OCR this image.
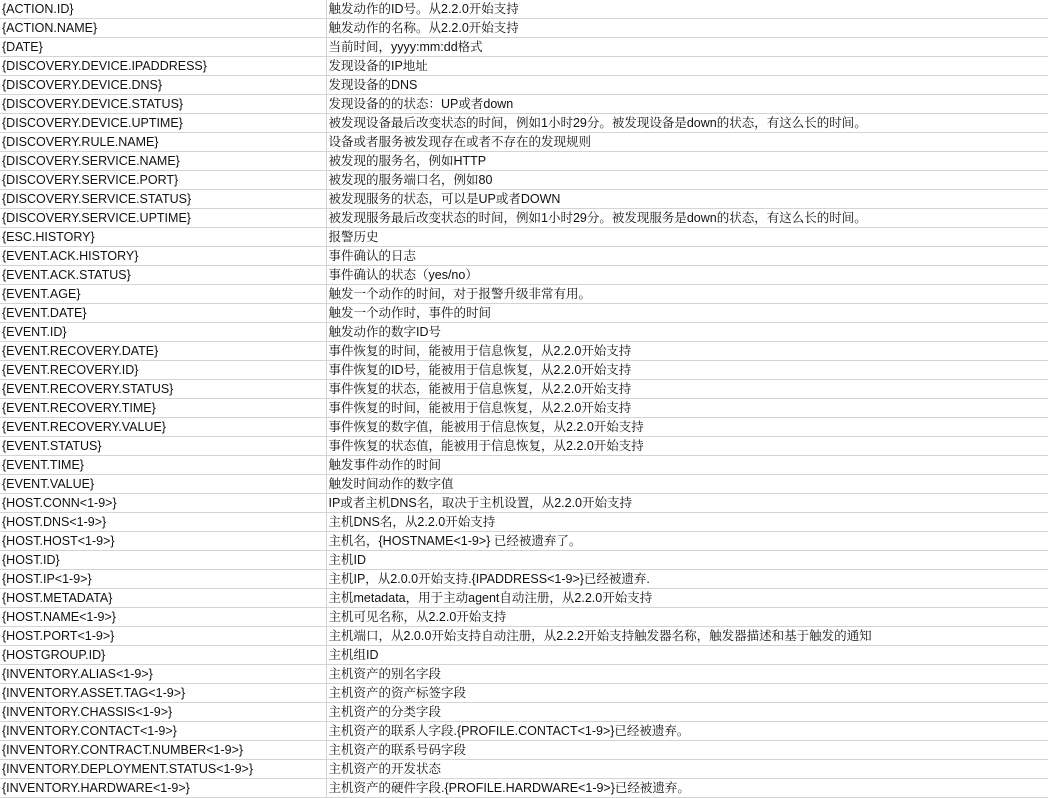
{ACTION.ID}	触发动作的ID号。从2.2.0开始支持
{ACTION.NAME}	触发动作的名称。从2.2.0开始支持
{DATE}	当前时间，yyyy:mm:dd格式
{DISCOVERY.DEVICE.IPADDRESS}	发现设备的IP地址
{DISCOVERY.DEVICE.DNS}	发现设备的DNS
{DISCOVERY.DEVICE.STATUS}	发现设备的的状态：UP或者down
{DISCOVERY.DEVICE.UPTIME}	被发现设备最后改变状态的时间，例如1小时29分。被发现设备是down的状态，有这么长的时间。
{DISCOVERY.RULE.NAME}	设备或者服务被发现存在或者不存在的发现规则
{DISCOVERY.SERVICE.NAME}	被发现的服务名，例如HTTP
{DISCOVERY.SERVICE.PORT}	被发现的服务端口名，例如80
{DISCOVERY.SERVICE.STATUS}	被发现服务的状态，可以是UP或者DOWN
{DISCOVERY.SERVICE.UPTIME}	被发现服务最后改变状态的时间，例如1小时29分。被发现服务是down的状态，有这么长的时间。
{ESC.HISTORY}	报警历史
{EVENT.ACK.HISTORY}	事件确认的日志
{EVENT.ACK.STATUS}	事件确认的状态（yes/no）
{EVENT.AGE}	触发一个动作的时间，对于报警升级非常有用。
{EVENT.DATE}	触发一个动作时，事件的时间
{EVENT.ID}	触发动作的数字ID号
{EVENT.RECOVERY.DATE}	事件恢复的时间，能被用于信息恢复，从2.2.0开始支持
{EVENT.RECOVERY.ID}	事件恢复的ID号，能被用于信息恢复，从2.2.0开始支持
{EVENT.RECOVERY.STATUS}	事件恢复的状态，能被用于信息恢复，从2.2.0开始支持
{EVENT.RECOVERY.TIME}	事件恢复的时间，能被用于信息恢复，从2.2.0开始支持
{EVENT.RECOVERY.VALUE}	事件恢复的数字值，能被用于信息恢复，从2.2.0开始支持
{EVENT.STATUS}	事件恢复的状态值，能被用于信息恢复，从2.2.0开始支持
{EVENT.TIME}	触发事件动作的时间
{EVENT.VALUE}	触发时间动作的数字值
{HOST.CONN<1-9>}	IP或者主机DNS名，取决于主机设置，从2.2.0开始支持
{HOST.DNS<1-9>}	主机DNS名，从2.2.0开始支持
{HOST.HOST<1-9>}	主机名，{HOSTNAME<1-9>} 已经被遗弃了。
{HOST.ID}	主机ID
{HOST.IP<1-9>}	主机IP，从2.0.0开始支持.{IPADDRESS<1-9>}已经被遗弃.
{HOST.METADATA}	主机metadata，用于主动agent自动注册，从2.2.0开始支持
{HOST.NAME<1-9>}	主机可见名称，从2.2.0开始支持
{HOST.PORT<1-9>}	主机端口，从2.0.0开始支持自动注册，从2.2.2开始支持触发器名称，触发器描述和基于触发的通知
{HOSTGROUP.ID}	主机组ID
{INVENTORY.ALIAS<1-9>}	主机资产的别名字段
{INVENTORY.ASSET.TAG<1-9>}	主机资产的资产标签字段
{INVENTORY.CHASSIS<1-9>}	主机资产的分类字段
{INVENTORY.CONTACT<1-9>}	主机资产的联系人字段.{PROFILE.CONTACT<1-9>}已经被遗弃。
{INVENTORY.CONTRACT.NUMBER<1-9>}	主机资产的联系号码字段
{INVENTORY.DEPLOYMENT.STATUS<1-9>}	主机资产的开发状态
{INVENTORY.HARDWARE<1-9>}	主机资产的硬件字段.{PROFILE.HARDWARE<1-9>}已经被遗弃。
